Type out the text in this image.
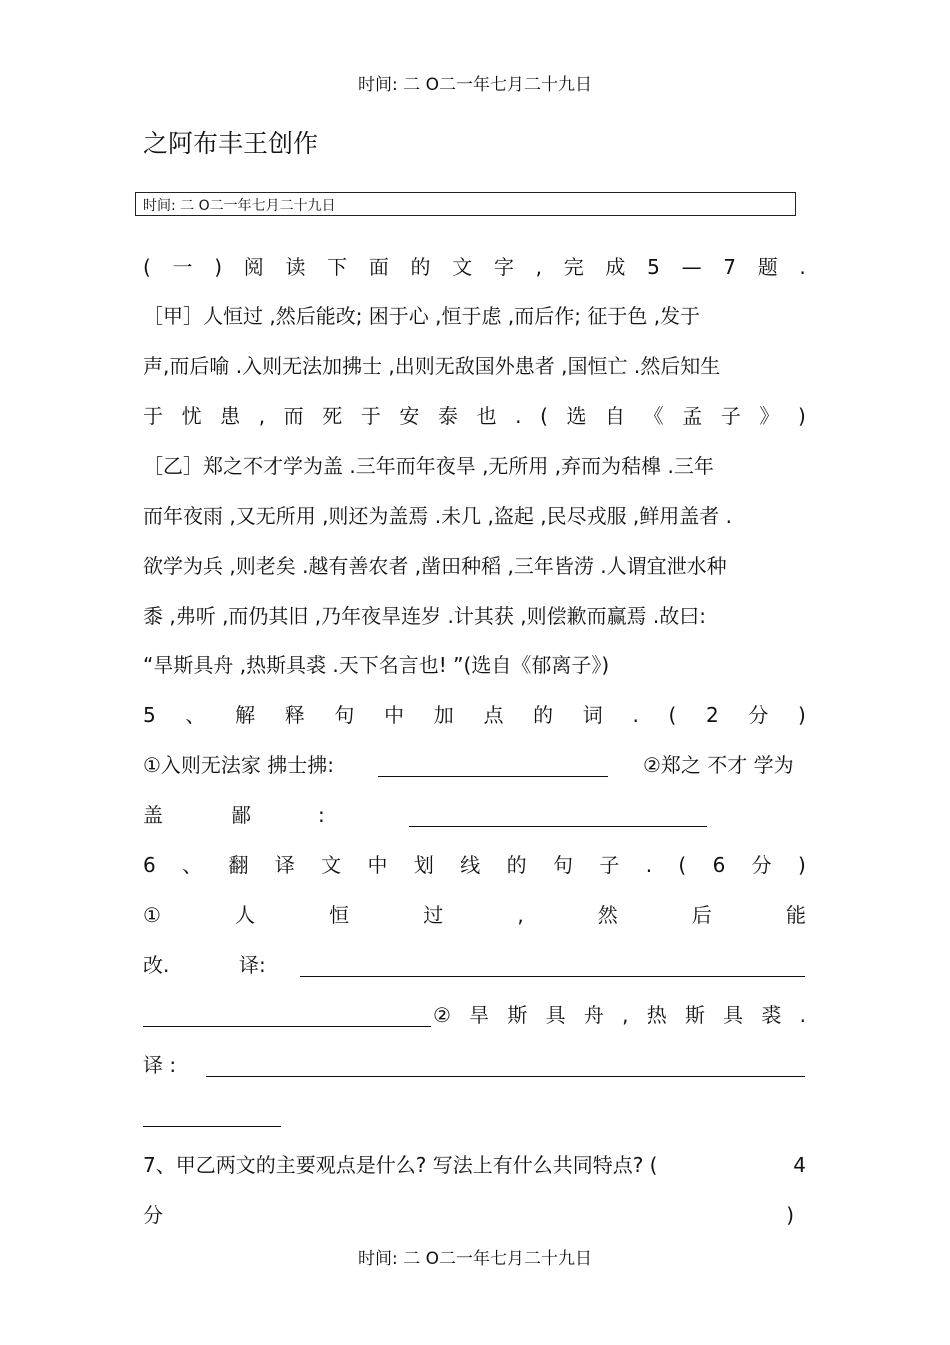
时间: 二 O二一年七月二十九日
之阿布丰王创作
时间: 二 O二一年七月二十九日
( 一 ) 阅 读 下 面 的 文 字 , 完 成 5 — 7 题 .
［甲］人恒过 ,然后能改; 困于心 ,恒于虑 ,而后作; 征于色 ,发于
声,而后喻 .入则无法加拂士 ,出则无敌国外患者 ,国恒亡 .然后知生
于 忧 患 , 而 死 于 安 泰 也 . ( 选 自 《 孟 子 》 )
［乙］郑之不才学为盖 .三年而年夜旱 ,无所用 ,弃而为秸橰 .三年
而年夜雨 ,又无所用 ,则还为盖焉 .未几 ,盗起 ,民尽戎服 ,鲜用盖者 .
欲学为兵 ,则老矣 .越有善农者 ,凿田种稻 ,三年皆涝 .人谓宜泄水种
黍 ,弗听 ,而仍其旧 ,乃年夜旱连岁 .计其获 ,则偿歉而赢焉 .故曰:
“旱斯具舟 ,热斯具裘 .天下名言也! ”(选自《郁离子》)
5 、 解 释 句 中 加 点 的 词 . ( 2 分 )
①入则无法家 拂士拂:	②郑之 不才 学为
盖	鄙	:
6 、 翻 译 文 中 划 线 的 句 子 . ( 6 分 )
①	人	恒	过	,	然	后	能
改.	译:
② 旱 斯 具 舟 , 热 斯 具 裘 .
译 :
7、甲乙两文的主要观点是什么? 写法上有什么共同特点? (	4
分	)
时间: 二 O二一年七月二十九日
